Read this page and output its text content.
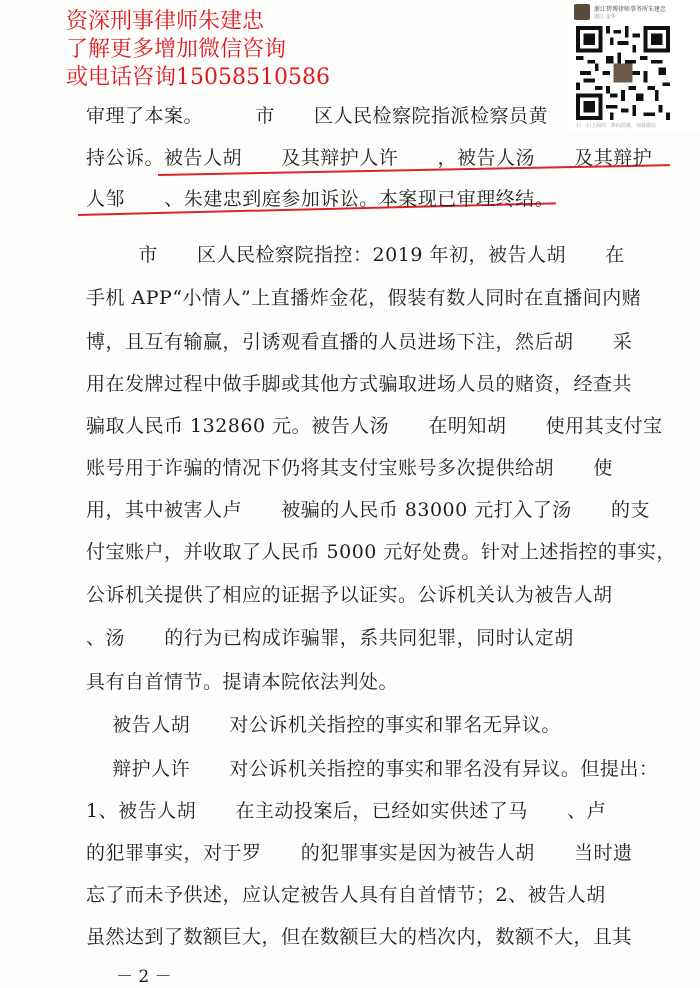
资深刑事律师朱建忠
了解更多增加微信咨询
或电话咨询15058510586
浙江碧博律师事务所朱建忠
浙江 金华
扫一扫上面的二维码图案，加我微信
审理了本案。        市      区人民检察院指派检察员黄
持公诉。被告人胡      及其辩护人许      ，被告人汤      及其辩护
人邹      、朱建忠到庭参加诉讼。本案现已审理终结。
市      区人民检察院指控：2019 年初，被告人胡      在
手机 APP“小情人”上直播炸金花，假装有数人同时在直播间内赌
博，且互有输赢，引诱观看直播的人员进场下注，然后胡      采
用在发牌过程中做手脚或其他方式骗取进场人员的赌资，经查共
骗取人民币 132860 元。被告人汤      在明知胡      使用其支付宝
账号用于诈骗的情况下仍将其支付宝账号多次提供给胡      使
用，其中被害人卢      被骗的人民币 83000 元打入了汤      的支
付宝账户，并收取了人民币 5000 元好处费。针对上述指控的事实，
公诉机关提供了相应的证据予以证实。公诉机关认为被告人胡
、汤      的行为已构成诈骗罪，系共同犯罪，同时认定胡
具有自首情节。提请本院依法判处。
被告人胡      对公诉机关指控的事实和罪名无异议。
辩护人许      对公诉机关指控的事实和罪名没有异议。但提出：
1、被告人胡      在主动投案后，已经如实供述了马      、卢
的犯罪事实，对于罗      的犯罪事实是因为被告人胡      当时遗
忘了而未予供述，应认定被告人具有自首情节；2、被告人胡
虽然达到了数额巨大，但在数额巨大的档次内，数额不大，且其
－ 2 －
